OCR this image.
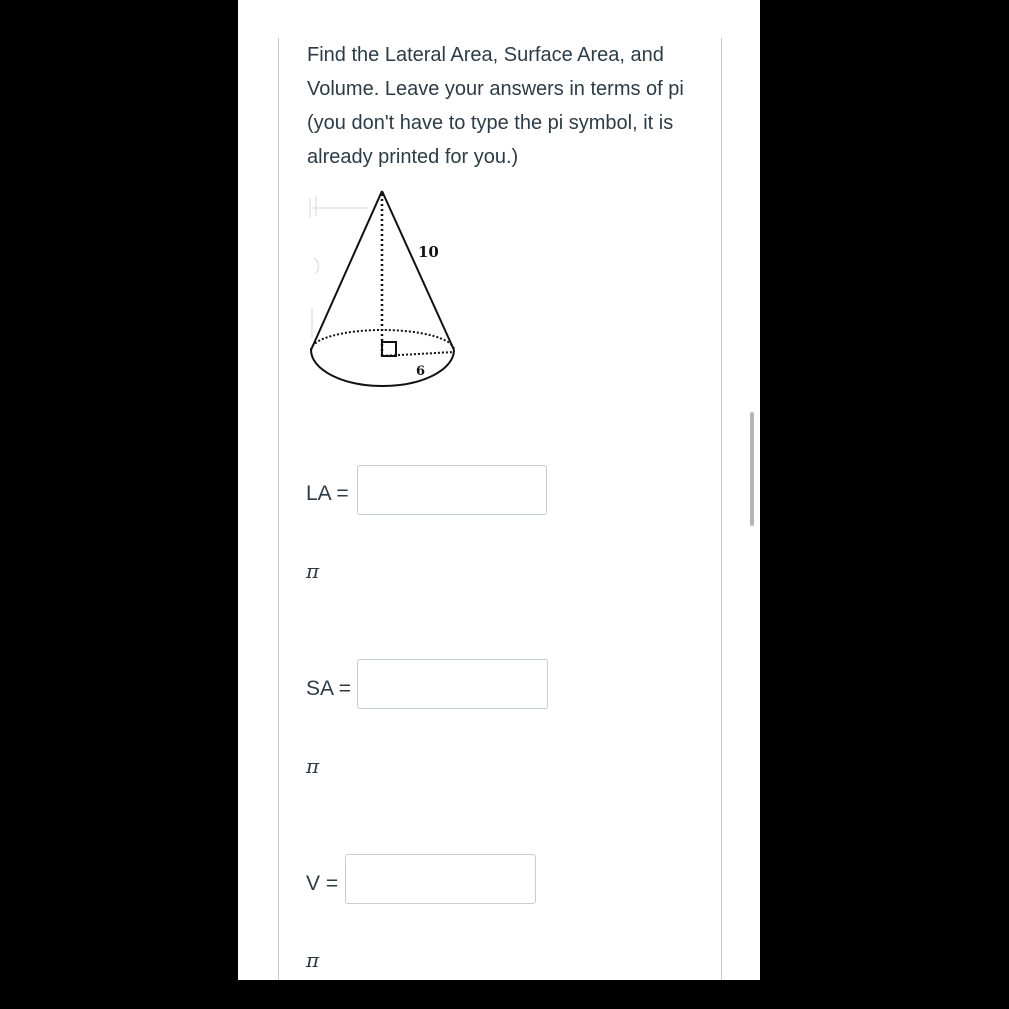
Find the Lateral Area, Surface Area, and Volume. Leave your answers in terms of pi (you don't have to type the pi symbol, it is already printed for you.)

10
6
LA =
π
SA =
π
V =
π
